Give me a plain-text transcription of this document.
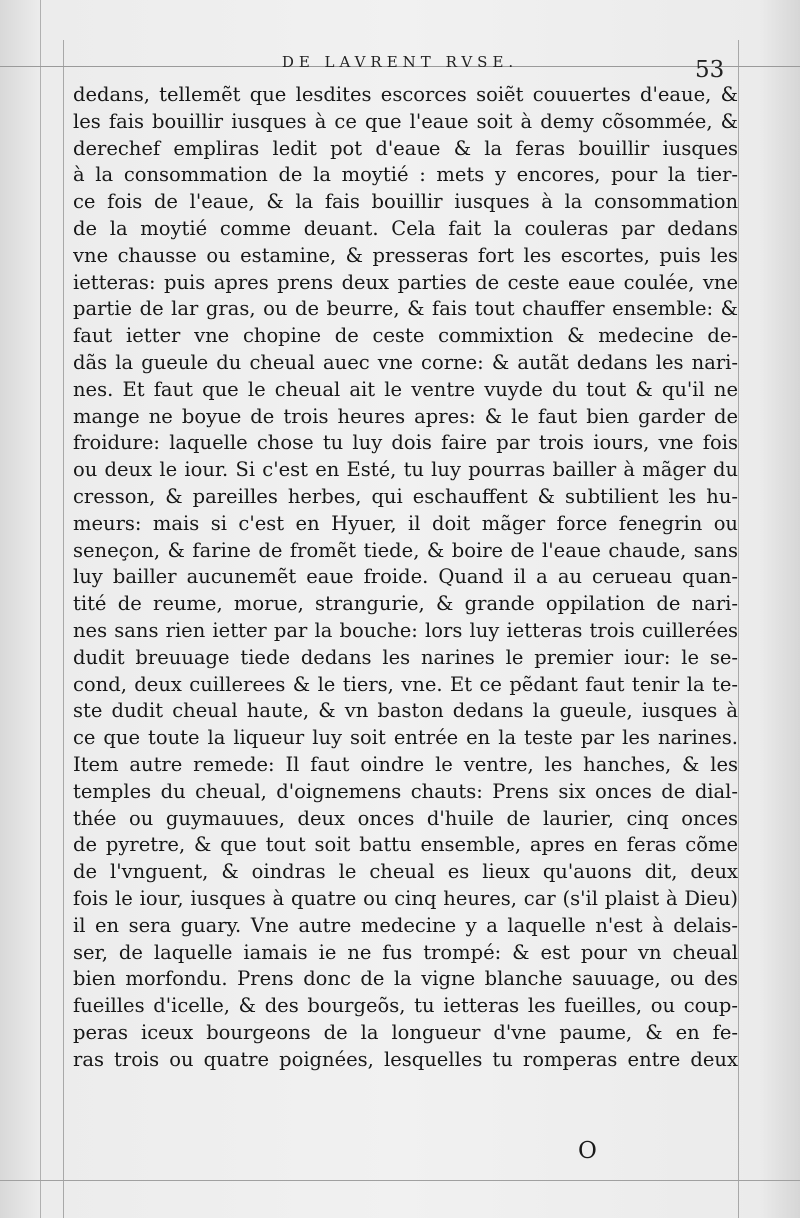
DE LAVRENT RVSE.	53
dedans, tellemẽt que lesdites escorces soiẽt couuertes d'eaue, &
les fais bouillir iusques à ce que l'eaue soit à demy cõsommée, &
derechef empliras ledit pot d'eaue & la feras bouillir iusques
à la consommation de la moytié : mets y encores, pour la tier-
ce fois de l'eaue, & la fais bouillir iusques à la consommation
de la moytié comme deuant. Cela fait la couleras par dedans
vne chausse ou estamine, & presseras fort les escortes, puis les
ietteras: puis apres prens deux parties de ceste eaue coulée, vne
partie de lar gras, ou de beurre, & fais tout chauffer ensemble: &
faut ietter vne chopine de ceste commixtion & medecine de-
dãs la gueule du cheual auec vne corne: & autãt dedans les nari-
nes. Et faut que le cheual ait le ventre vuyde du tout & qu'il ne
mange ne boyue de trois heures apres: & le faut bien garder de
froidure: laquelle chose tu luy dois faire par trois iours, vne fois
ou deux le iour. Si c'est en Esté, tu luy pourras bailler à mãger du
cresson, & pareilles herbes, qui eschauffent & subtilient les hu-
meurs: mais si c'est en Hyuer, il doit mãger force fenegrin ou
seneçon, & farine de fromẽt tiede, & boire de l'eaue chaude, sans
luy bailler aucunemẽt eaue froide. Quand il a au cerueau quan-
tité de reume, morue, strangurie, & grande oppilation de nari-
nes sans rien ietter par la bouche: lors luy ietteras trois cuillerées
dudit breuuage tiede dedans les narines le premier iour: le se-
cond, deux cuillerees & le tiers, vne. Et ce pẽdant faut tenir la te-
ste dudit cheual haute, & vn baston dedans la gueule, iusques à
ce que toute la liqueur luy soit entrée en la teste par les narines.
Item autre remede: Il faut oindre le ventre, les hanches, & les
temples du cheual, d'oignemens chauts: Prens six onces de dial-
thée ou guymauues, deux onces d'huile de laurier, cinq onces
de pyretre, & que tout soit battu ensemble, apres en feras cõme
de l'vnguent, & oindras le cheual es lieux qu'auons dit, deux
fois le iour, iusques à quatre ou cinq heures, car (s'il plaist à Dieu)
il en sera guary. Vne autre medecine y a laquelle n'est à delais-
ser, de laquelle iamais ie ne fus trompé: & est pour vn cheual
bien morfondu. Prens donc de la vigne blanche sauuage, ou des
fueilles d'icelle, & des bourgeõs, tu ietteras les fueilles, ou coup-
peras iceux bourgeons de la longueur d'vne paume, & en fe-
ras trois ou quatre poignées, lesquelles tu romperas entre deux
O
